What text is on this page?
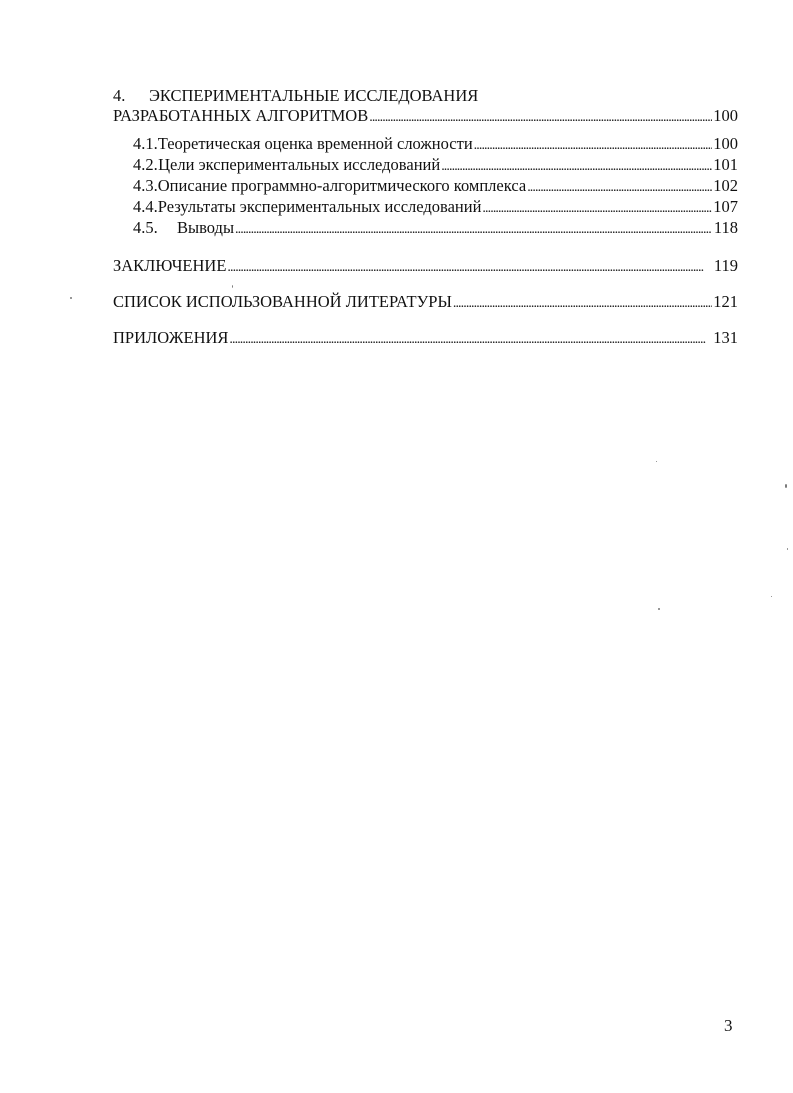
4.	ЭКСПЕРИМЕНТАЛЬНЫЕ ИССЛЕДОВАНИЯ
РАЗРАБОТАННЫХ АЛГОРИТМОВ . . .	100
4.1. Теоретическая оценка временной сложности . . .	100
4.2. Цели экспериментальных исследований . . .	101
4.3. Описание программно-алгоритмического комплекса . . .	102
4.4. Результаты экспериментальных исследований . . .	107
4.5.	Выводы . . .	118
ЗАКЛЮЧЕНИЕ . . .	119
СПИСОК ИСПОЛЬЗОВАННОЙ ЛИТЕРАТУРЫ . . .	121
ПРИЛОЖЕНИЯ . . .	131
3
